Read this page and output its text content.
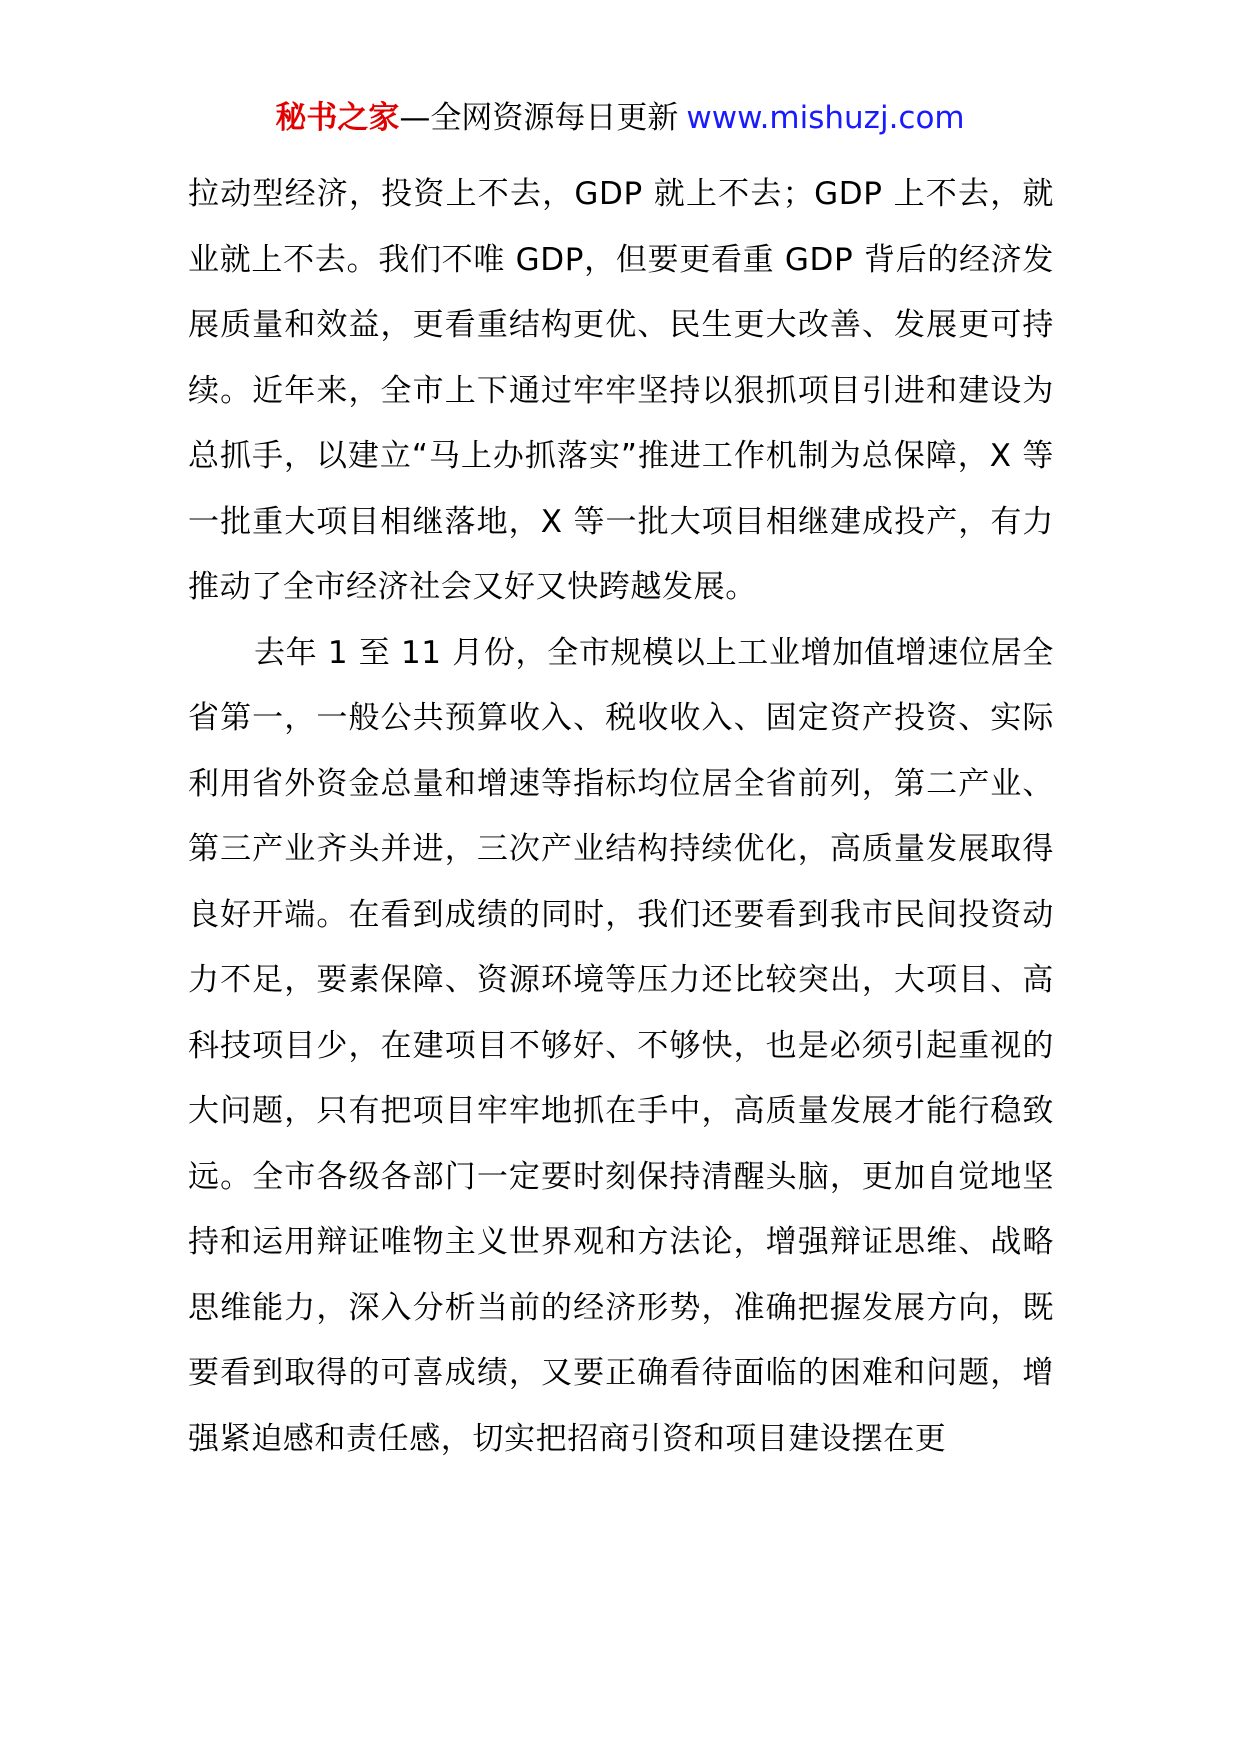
秘书之家—全网资源每日更新 www.mishuzj.com

拉动型经济，投资上不去，GDP 就上不去；GDP 上不去，就业就上不去。我们不唯 GDP，但要更看重 GDP 背后的经济发展质量和效益，更看重结构更优、民生更大改善、发展更可持续。近年来，全市上下通过牢牢坚持以狠抓项目引进和建设为总抓手，以建立“马上办抓落实”推进工作机制为总保障，X 等一批重大项目相继落地，X 等一批大项目相继建成投产，有力推动了全市经济社会又好又快跨越发展。

去年 1 至 11 月份，全市规模以上工业增加值增速位居全省第一，一般公共预算收入、税收收入、固定资产投资、实际利用省外资金总量和增速等指标均位居全省前列，第二产业、第三产业齐头并进，三次产业结构持续优化，高质量发展取得良好开端。在看到成绩的同时，我们还要看到我市民间投资动力不足，要素保障、资源环境等压力还比较突出，大项目、高科技项目少，在建项目不够好、不够快，也是必须引起重视的大问题，只有把项目牢牢地抓在手中，高质量发展才能行稳致远。全市各级各部门一定要时刻保持清醒头脑，更加自觉地坚持和运用辩证唯物主义世界观和方法论，增强辩证思维、战略思维能力，深入分析当前的经济形势，准确把握发展方向，既要看到取得的可喜成绩，又要正确看待面临的困难和问题，增强紧迫感和责任感，切实把招商引资和项目建设摆在更
